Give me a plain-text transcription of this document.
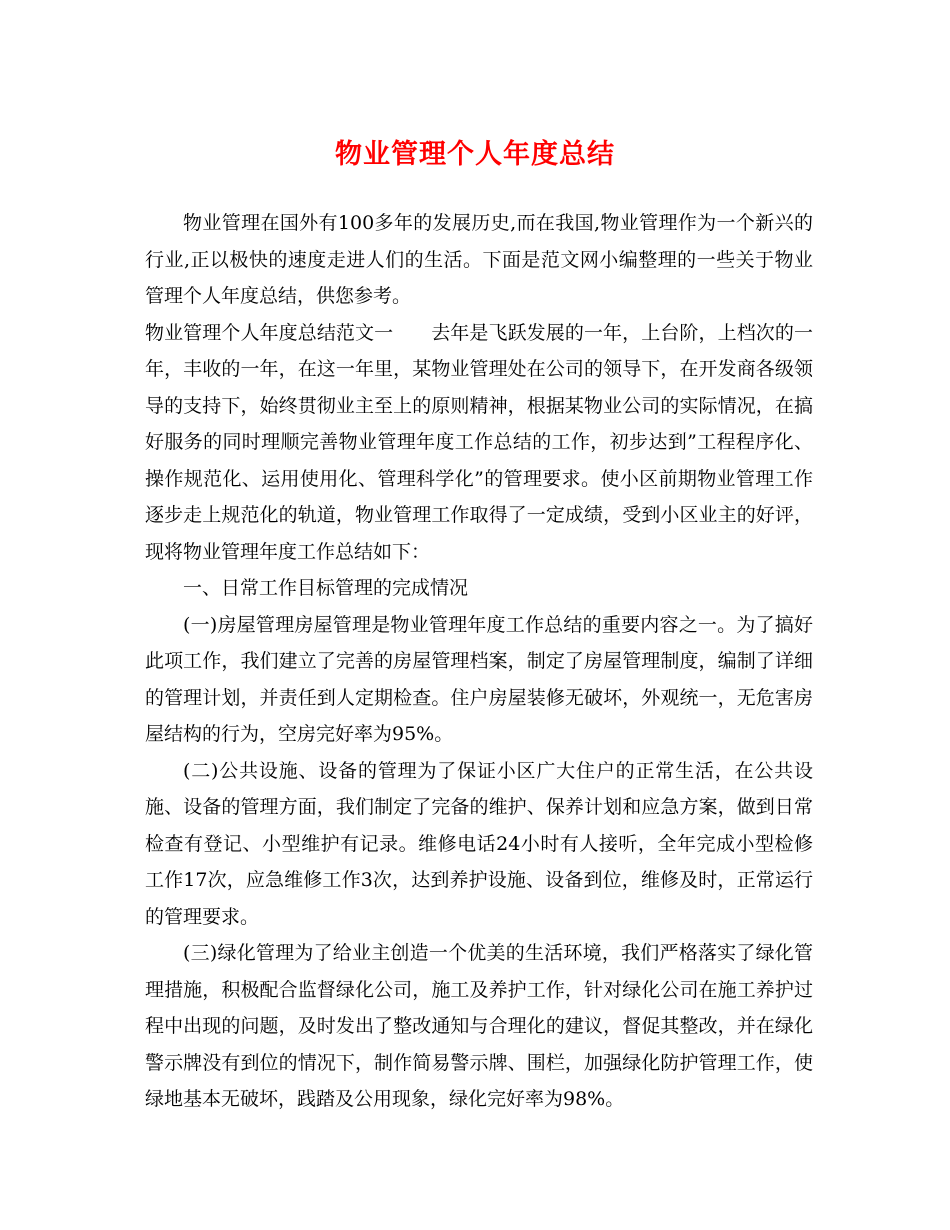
物业管理个人年度总结

物业管理在国外有100多年的发展历史,而在我国,物业管理作为一个新兴的行业,正以极快的速度走进人们的生活。下面是范文网小编整理的一些关于物业管理个人年度总结，供您参考。

物业管理个人年度总结范文一 去年是飞跃发展的一年，上台阶，上档次的一年，丰收的一年，在这一年里，某物业管理处在公司的领导下，在开发商各级领导的支持下，始终贯彻业主至上的原则精神，根据某物业公司的实际情况，在搞好服务的同时理顺完善物业管理年度工作总结的工作，初步达到”工程程序化、操作规范化、运用使用化、管理科学化”的管理要求。使小区前期物业管理工作逐步走上规范化的轨道，物业管理工作取得了一定成绩，受到小区业主的好评，现将物业管理年度工作总结如下：

一、日常工作目标管理的完成情况

(一)房屋管理房屋管理是物业管理年度工作总结的重要内容之一。为了搞好此项工作，我们建立了完善的房屋管理档案，制定了房屋管理制度，编制了详细的管理计划，并责任到人定期检查。住户房屋装修无破坏，外观统一，无危害房屋结构的行为，空房完好率为95%。

(二)公共设施、设备的管理为了保证小区广大住户的正常生活，在公共设施、设备的管理方面，我们制定了完备的维护、保养计划和应急方案，做到日常检查有登记、小型维护有记录。维修电话24小时有人接听，全年完成小型检修工作17次，应急维修工作3次，达到养护设施、设备到位，维修及时，正常运行的管理要求。

(三)绿化管理为了给业主创造一个优美的生活环境，我们严格落实了绿化管理措施，积极配合监督绿化公司，施工及养护工作，针对绿化公司在施工养护过程中出现的问题，及时发出了整改通知与合理化的建议，督促其整改，并在绿化警示牌没有到位的情况下，制作简易警示牌、围栏，加强绿化防护管理工作，使绿地基本无破坏，践踏及公用现象，绿化完好率为98%。
